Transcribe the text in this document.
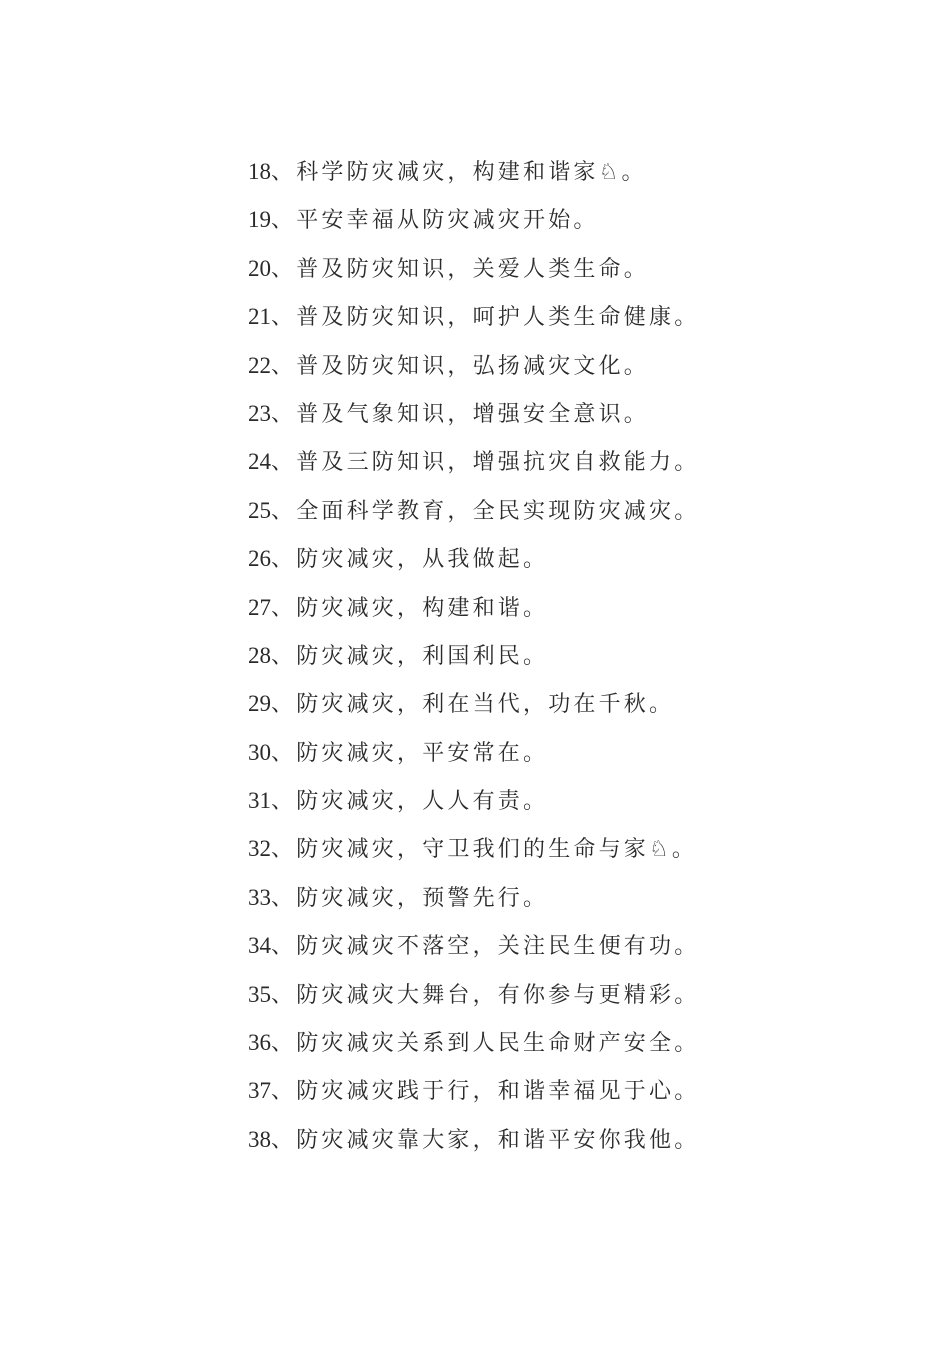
18、科学防灾减灾，构建和谐家♘。
19、平安幸福从防灾减灾开始。
20、普及防灾知识，关爱人类生命。
21、普及防灾知识，呵护人类生命健康。
22、普及防灾知识，弘扬减灾文化。
23、普及气象知识，增强安全意识。
24、普及三防知识，增强抗灾自救能力。
25、全面科学教育，全民实现防灾减灾。
26、防灾减灾，从我做起。
27、防灾减灾，构建和谐。
28、防灾减灾，利国利民。
29、防灾减灾，利在当代，功在千秋。
30、防灾减灾，平安常在。
31、防灾减灾，人人有责。
32、防灾减灾，守卫我们的生命与家♘。
33、防灾减灾，预警先行。
34、防灾减灾不落空，关注民生便有功。
35、防灾减灾大舞台，有你参与更精彩。
36、防灾减灾关系到人民生命财产安全。
37、防灾减灾践于行，和谐幸福见于心。
38、防灾减灾靠大家，和谐平安你我他。
